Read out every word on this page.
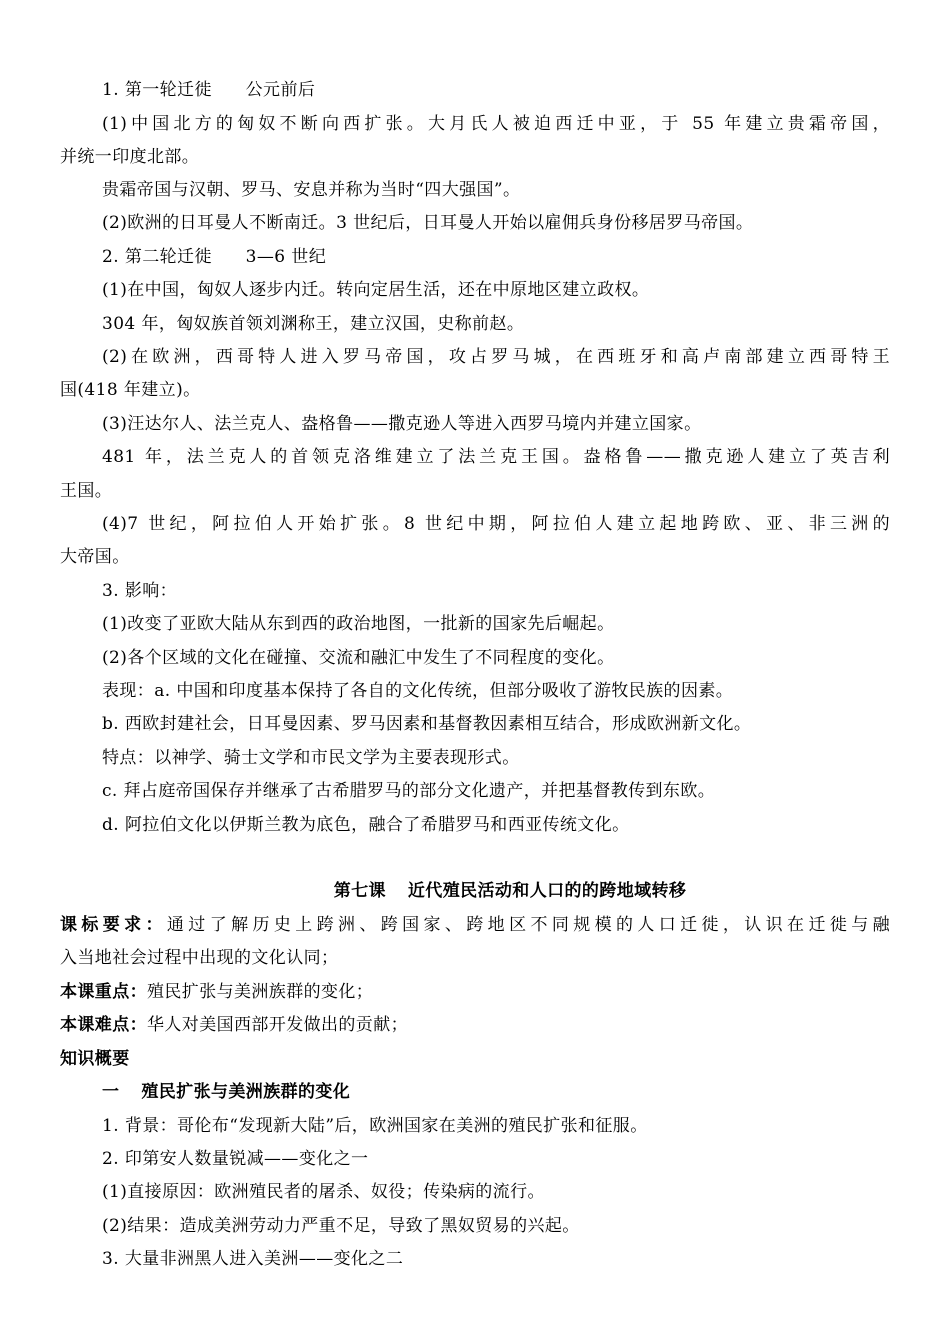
1. 第一轮迁徙 公元前后
(1)中国北方的匈奴不断向西扩张。大月氏人被迫西迁中亚，于 55 年建立贵霜帝国，
并统一印度北部。
贵霜帝国与汉朝、罗马、安息并称为当时“四大强国”。
(2)欧洲的日耳曼人不断南迁。3 世纪后，日耳曼人开始以雇佣兵身份移居罗马帝国。
2. 第二轮迁徙 3—6 世纪
(1)在中国，匈奴人逐步内迁。转向定居生活，还在中原地区建立政权。
304 年，匈奴族首领刘渊称王，建立汉国，史称前赵。
(2)在欧洲，西哥特人进入罗马帝国，攻占罗马城，在西班牙和高卢南部建立西哥特王
国(418 年建立)。
(3)汪达尔人、法兰克人、盎格鲁——撒克逊人等进入西罗马境内并建立国家。
481 年，法兰克人的首领克洛维建立了法兰克王国。盎格鲁——撒克逊人建立了英吉利
王国。
(4)7 世纪，阿拉伯人开始扩张。8 世纪中期，阿拉伯人建立起地跨欧、亚、非三洲的
大帝国。
3. 影响：
(1)改变了亚欧大陆从东到西的政治地图，一批新的国家先后崛起。
(2)各个区域的文化在碰撞、交流和融汇中发生了不同程度的变化。
表现：a. 中国和印度基本保持了各自的文化传统，但部分吸收了游牧民族的因素。
b. 西欧封建社会，日耳曼因素、罗马因素和基督教因素相互结合，形成欧洲新文化。
特点：以神学、骑士文学和市民文学为主要表现形式。
c. 拜占庭帝国保存并继承了古希腊罗马的部分文化遗产，并把基督教传到东欧。
d. 阿拉伯文化以伊斯兰教为底色，融合了希腊罗马和西亚传统文化。
第七课 近代殖民活动和人口的的跨地域转移
课标要求：通过了解历史上跨洲、跨国家、跨地区不同规模的人口迁徙，认识在迁徙与融
入当地社会过程中出现的文化认同；
本课重点：殖民扩张与美洲族群的变化；
本课难点：华人对美国西部开发做出的贡献；
知识概要
一 殖民扩张与美洲族群的变化
1. 背景：哥伦布“发现新大陆”后，欧洲国家在美洲的殖民扩张和征服。
2. 印第安人数量锐减——变化之一
(1)直接原因：欧洲殖民者的屠杀、奴役；传染病的流行。
(2)结果：造成美洲劳动力严重不足，导致了黑奴贸易的兴起。
3. 大量非洲黑人进入美洲——变化之二
